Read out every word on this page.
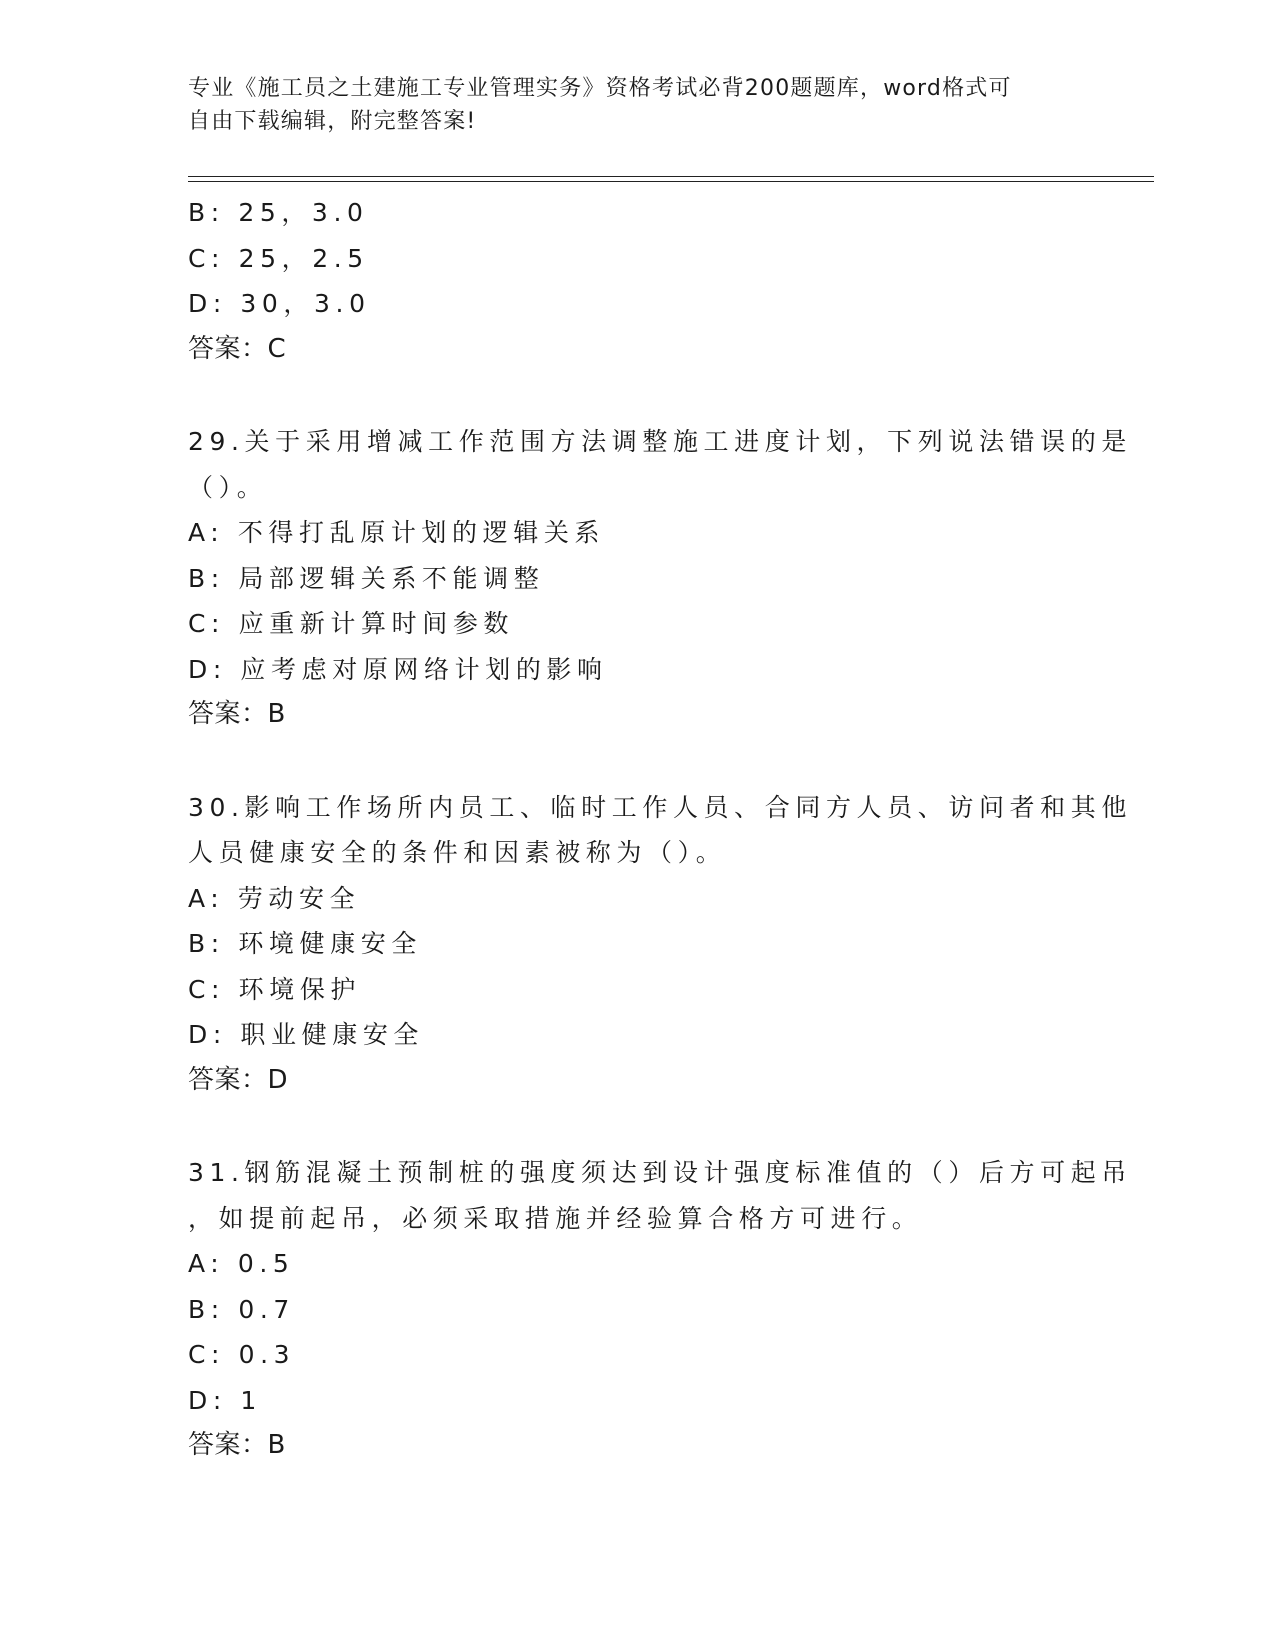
专业《施工员之土建施工专业管理实务》资格考试必背200题题库，word格式可
自由下载编辑，附完整答案!
B: 25，3.0
C: 25，2.5
D: 30，3.0
答案：C
29.关于采用增减工作范围方法调整施工进度计划，下列说法错误的是
（）。
A: 不得打乱原计划的逻辑关系
B: 局部逻辑关系不能调整
C: 应重新计算时间参数
D: 应考虑对原网络计划的影响
答案：B
30.影响工作场所内员工、临时工作人员、合同方人员、访问者和其他
人员健康安全的条件和因素被称为（）。
A: 劳动安全
B: 环境健康安全
C: 环境保护
D: 职业健康安全
答案：D
31.钢筋混凝土预制桩的强度须达到设计强度标准值的（）后方可起吊
，如提前起吊，必须采取措施并经验算合格方可进行。
A: 0.5
B: 0.7
C: 0.3
D: 1
答案：B
